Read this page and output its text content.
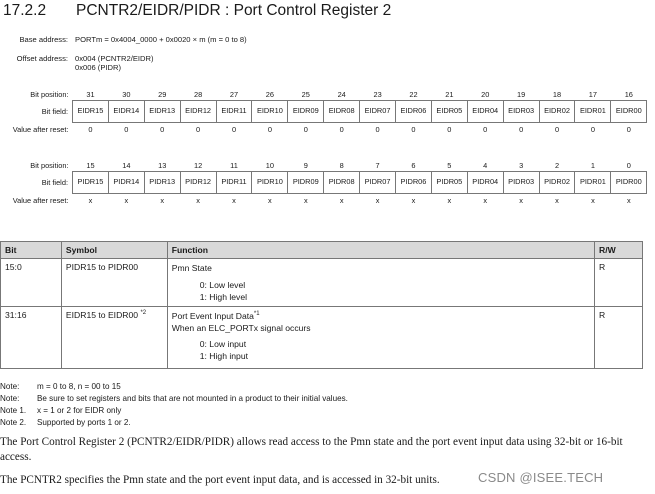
17.2.2 PCNTR2/EIDR/PIDR : Port Control Register 2
Base address: PORTm = 0x4004_0000 + 0x0020 × m (m = 0 to 8)
Offset address: 0x004 (PCNTR2/EIDR)
0x006 (PIDR)
Bit position:	31	30	29	28	27	26	25	24	23	22	21	20	19	18	17	16
Bit field:	EIDR15	EIDR14	EIDR13	EIDR12	EIDR11	EIDR10	EIDR09	EIDR08	EIDR07	EIDR06	EIDR05	EIDR04	EIDR03	EIDR02	EIDR01	EIDR00
Value after reset:	0	0	0	0	0	0	0	0	0	0	0	0	0	0	0	0
Bit position:	15	14	13	12	11	10	9	8	7	6	5	4	3	2	1	0
Bit field:	PIDR15	PIDR14	PIDR13	PIDR12	PIDR11	PIDR10	PIDR09	PIDR08	PIDR07	PIDR06	PIDR05	PIDR04	PIDR03	PIDR02	PIDR01	PIDR00
Value after reset:	x	x	x	x	x	x	x	x	x	x	x	x	x	x	x	x
Bit	Symbol	Function	R/W
15:0	PIDR15 to PIDR00	Pmn State
0: Low level
1: High level	R
31:16	EIDR15 to EIDR00 $^{*2}$	Port Event Input Data$^{*1}$
When an ELC_PORTx signal occurs
0: Low input
1: High input	R
Note: m = 0 to 8, n = 00 to 15
Note: Be sure to set registers and bits that are not mounted in a product to their initial values.
Note 1. x = 1 or 2 for EIDR only
Note 2. Supported by ports 1 or 2.
The Port Control Register 2 (PCNTR2/EIDR/PIDR) allows read access to the Pmn state and the port event input data using 32-bit or 16-bit access.
The PCNTR2 specifies the Pmn state and the port event input data, and is accessed in 32-bit units.	CSDN @ISEE.TECH
